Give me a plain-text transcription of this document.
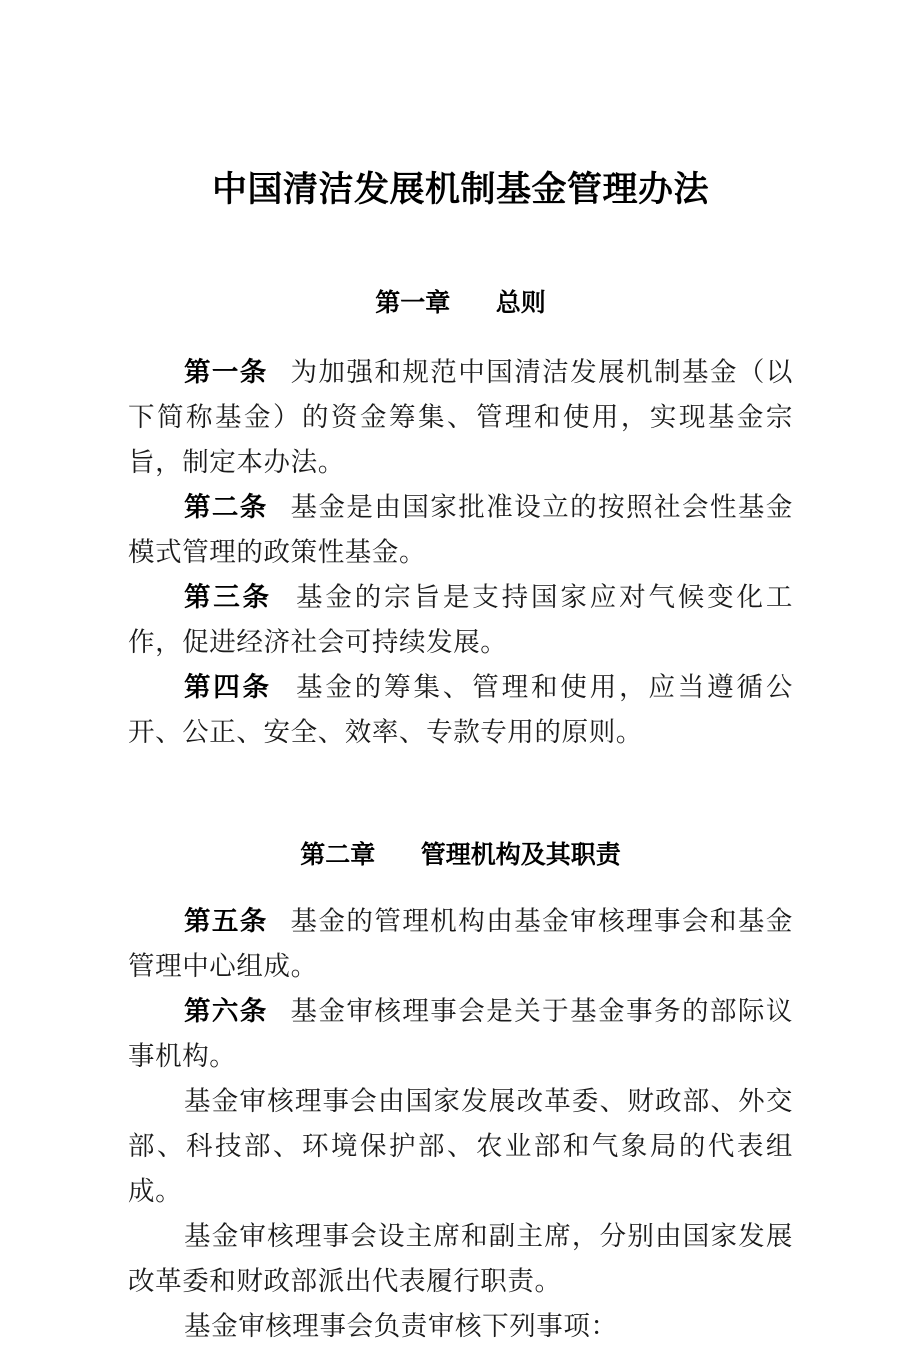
中国清洁发展机制基金管理办法
第一章 总则

第一条 为加强和规范中国清洁发展机制基金（以下简称基金）的资金筹集、管理和使用，实现基金宗旨，制定本办法。

第二条 基金是由国家批准设立的按照社会性基金模式管理的政策性基金。

第三条 基金的宗旨是支持国家应对气候变化工作，促进经济社会可持续发展。

第四条 基金的筹集、管理和使用，应当遵循公开、公正、安全、效率、专款专用的原则。

第二章 管理机构及其职责

第五条 基金的管理机构由基金审核理事会和基金管理中心组成。

第六条 基金审核理事会是关于基金事务的部际议事机构。

基金审核理事会由国家发展改革委、财政部、外交部、科技部、环境保护部、农业部和气象局的代表组成。

基金审核理事会设主席和副主席，分别由国家发展改革委和财政部派出代表履行职责。

基金审核理事会负责审核下列事项：
